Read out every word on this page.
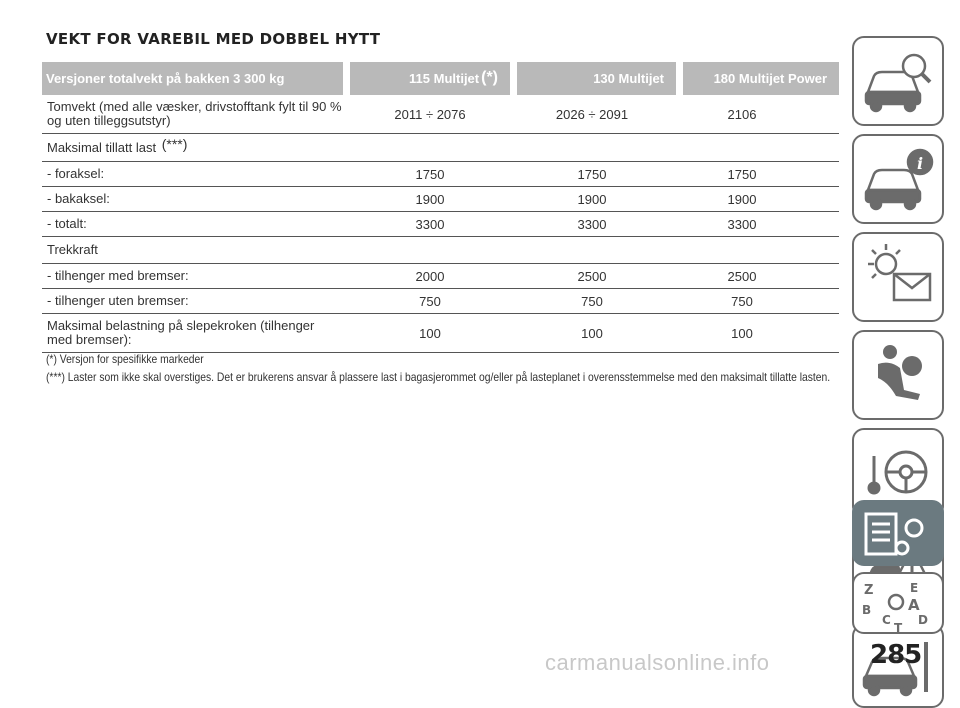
VEKT FOR VAREBIL MED DOBBEL HYTT
Versjoner totalvekt på bakken 3 300 kg	115 Multijet (*)	130 Multijet	180 Multijet Power
Tomvekt (med alle væsker, drivstofftank fylt til 90 % og uten tilleggsutstyr)	2011 ÷ 2076	2026 ÷ 2091	2106
Maksimal tillatt last (***)
- foraksel:	1750	1750	1750
- bakaksel:	1900	1900	1900
- totalt:	3300	3300	3300
Trekkraft
- tilhenger med bremser:	2000	2500	2500
- tilhenger uten bremser:	750	750	750
Maksimal belastning på slepekroken (tilhenger med bremser):	100	100	100
(*) Versjon for spesifikke markeder
(***) Laster som ikke skal overstiges. Det er brukerens ansvar å plassere last i bagasjerommet og/eller på lasteplanet i overensstemmelse med den maksimalt tillatte lasten.
i
Z	E
A
B
C D
T
285
carmanualsonline.info
